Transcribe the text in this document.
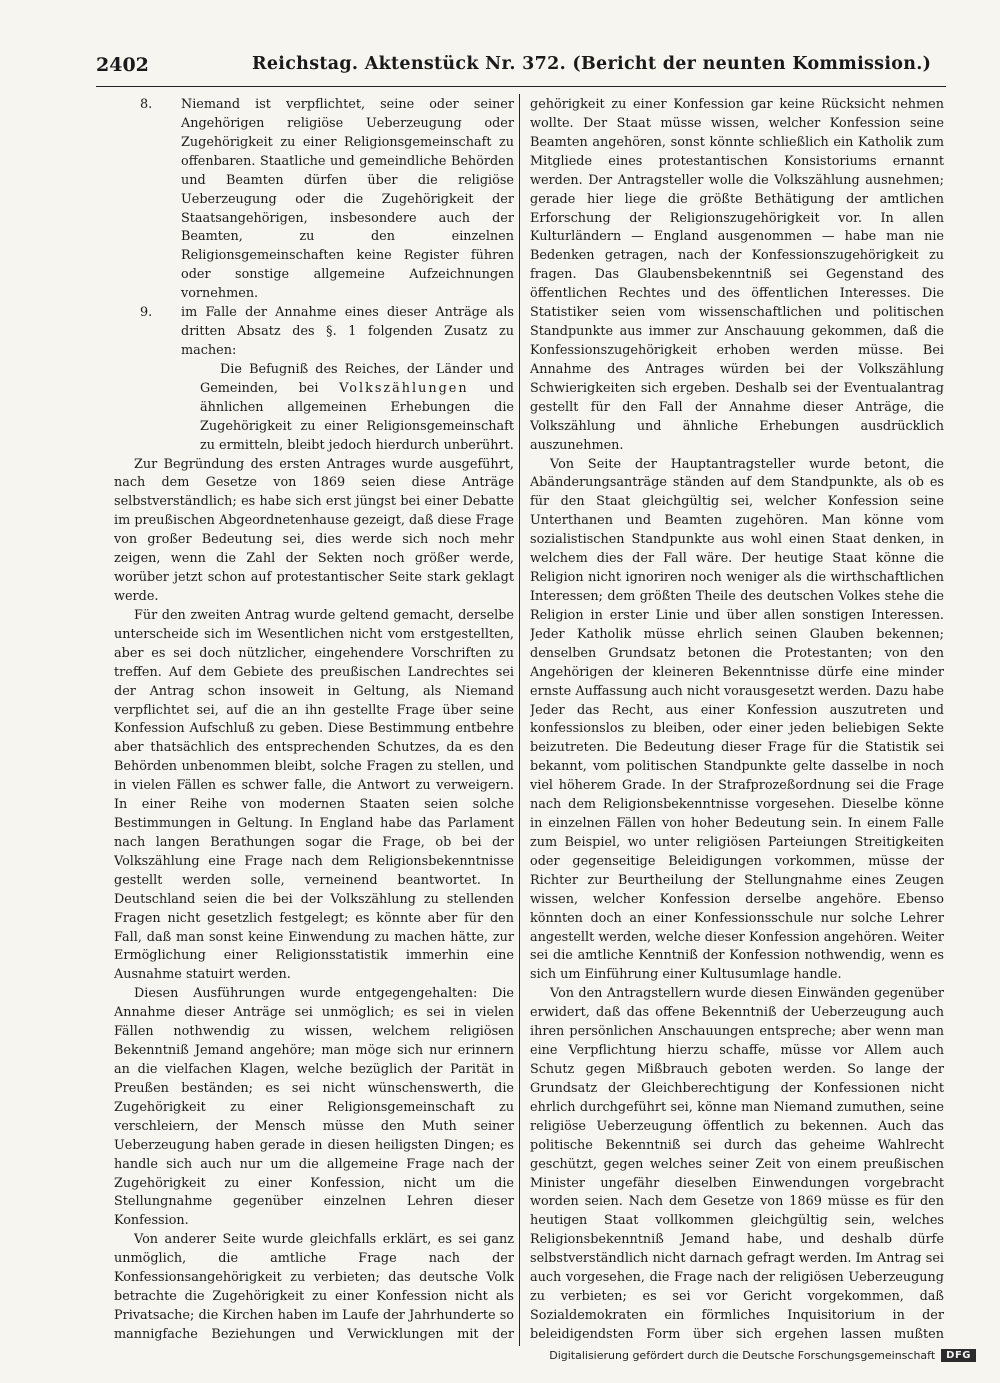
2402	Reichstag. Aktenstück Nr. 372. (Bericht der neunten Kommission.)
8. Niemand ist verpflichtet, seine oder seiner Angehörigen religiöse Ueberzeugung oder Zugehörigkeit zu einer Religionsgemeinschaft zu offenbaren. Staatliche und gemeindliche Behörden und Beamten dürfen über die religiöse Ueberzeugung oder die Zugehörigkeit der Staatsangehörigen, insbesondere auch der Beamten, zu den einzelnen Religionsgemeinschaften keine Register führen oder sonstige allgemeine Aufzeichnungen vornehmen.

9. im Falle der Annahme eines dieser Anträge als dritten Absatz des §. 1 folgenden Zusatz zu machen:

Die Befugniß des Reiches, der Länder und Gemeinden, bei Volkszählungen und ähnlichen allgemeinen Erhebungen die Zugehörigkeit zu einer Religionsgemeinschaft zu ermitteln, bleibt jedoch hierdurch unberührt.

Zur Begründung des ersten Antrages wurde ausgeführt, nach dem Gesetze von 1869 seien diese Anträge selbstverständlich; es habe sich erst jüngst bei einer Debatte im preußischen Abgeordnetenhause gezeigt, daß diese Frage von großer Bedeutung sei, dies werde sich noch mehr zeigen, wenn die Zahl der Sekten noch größer werde, worüber jetzt schon auf protestantischer Seite stark geklagt werde.

Für den zweiten Antrag wurde geltend gemacht, derselbe unterscheide sich im Wesentlichen nicht vom erstgestellten, aber es sei doch nützlicher, eingehendere Vorschriften zu treffen. Auf dem Gebiete des preußischen Landrechtes sei der Antrag schon insoweit in Geltung, als Niemand verpflichtet sei, auf die an ihn gestellte Frage über seine Konfession Aufschluß zu geben. Diese Bestimmung entbehre aber thatsächlich des entsprechenden Schutzes, da es den Behörden unbenommen bleibt, solche Fragen zu stellen, und in vielen Fällen es schwer falle, die Antwort zu verweigern. In einer Reihe von modernen Staaten seien solche Bestimmungen in Geltung. In England habe das Parlament nach langen Berathungen sogar die Frage, ob bei der Volkszählung eine Frage nach dem Religionsbekenntnisse gestellt werden solle, verneinend beantwortet. In Deutschland seien die bei der Volkszählung zu stellenden Fragen nicht gesetzlich festgelegt; es könnte aber für den Fall, daß man sonst keine Einwendung zu machen hätte, zur Ermöglichung einer Religionsstatistik immerhin eine Ausnahme statuirt werden.

Diesen Ausführungen wurde entgegengehalten: Die Annahme dieser Anträge sei unmöglich; es sei in vielen Fällen nothwendig zu wissen, welchem religiösen Bekenntniß Jemand angehöre; man möge sich nur erinnern an die vielfachen Klagen, welche bezüglich der Parität in Preußen beständen; es sei nicht wünschenswerth, die Zugehörigkeit zu einer Religionsgemeinschaft zu verschleiern, der Mensch müsse den Muth seiner Ueberzeugung haben gerade in diesen heiligsten Dingen; es handle sich auch nur um die allgemeine Frage nach der Zugehörigkeit zu einer Konfession, nicht um die Stellungnahme gegenüber einzelnen Lehren dieser Konfession.

Von anderer Seite wurde gleichfalls erklärt, es sei ganz unmöglich, die amtliche Frage nach der Konfessionsangehörigkeit zu verbieten; das deutsche Volk betrachte die Zugehörigkeit zu einer Konfession nicht als Privatsache; die Kirchen haben im Laufe der Jahrhunderte so mannigfache Beziehungen und Verwicklungen mit der

gehörigkeit zu einer Konfession gar keine Rücksicht nehmen wollte. Der Staat müsse wissen, welcher Konfession seine Beamten angehören, sonst könnte schließlich ein Katholik zum Mitgliede eines protestantischen Konsistoriums ernannt werden. Der Antragsteller wolle die Volkszählung ausnehmen; gerade hier liege die größte Bethätigung der amtlichen Erforschung der Religionszugehörigkeit vor. In allen Kulturländern — England ausgenommen — habe man nie Bedenken getragen, nach der Konfessionszugehörigkeit zu fragen. Das Glaubensbekenntniß sei Gegenstand des öffentlichen Rechtes und des öffentlichen Interesses. Die Statistiker seien vom wissenschaftlichen und politischen Standpunkte aus immer zur Anschauung gekommen, daß die Konfessionszugehörigkeit erhoben werden müsse. Bei Annahme des Antrages würden bei der Volkszählung Schwierigkeiten sich ergeben. Deshalb sei der Eventualantrag gestellt für den Fall der Annahme dieser Anträge, die Volkszählung und ähnliche Erhebungen ausdrücklich auszunehmen.

Von Seite der Hauptantragsteller wurde betont, die Abänderungsanträge ständen auf dem Standpunkte, als ob es für den Staat gleichgültig sei, welcher Konfession seine Unterthanen und Beamten zugehören. Man könne vom sozialistischen Standpunkte aus wohl einen Staat denken, in welchem dies der Fall wäre. Der heutige Staat könne die Religion nicht ignoriren noch weniger als die wirthschaftlichen Interessen; dem größten Theile des deutschen Volkes stehe die Religion in erster Linie und über allen sonstigen Interessen. Jeder Katholik müsse ehrlich seinen Glauben bekennen; denselben Grundsatz betonen die Protestanten; von den Angehörigen der kleineren Bekenntnisse dürfe eine minder ernste Auffassung auch nicht vorausgesetzt werden. Dazu habe Jeder das Recht, aus einer Konfession auszutreten und konfessionslos zu bleiben, oder einer jeden beliebigen Sekte beizutreten. Die Bedeutung dieser Frage für die Statistik sei bekannt, vom politischen Standpunkte gelte dasselbe in noch viel höherem Grade. In der Strafprozeßordnung sei die Frage nach dem Religionsbekenntnisse vorgesehen. Dieselbe könne in einzelnen Fällen von hoher Bedeutung sein. In einem Falle zum Beispiel, wo unter religiösen Parteiungen Streitigkeiten oder gegenseitige Beleidigungen vorkommen, müsse der Richter zur Beurtheilung der Stellungnahme eines Zeugen wissen, welcher Konfession derselbe angehöre. Ebenso könnten doch an einer Konfessionsschule nur solche Lehrer angestellt werden, welche dieser Konfession angehören. Weiter sei die amtliche Kenntniß der Konfession nothwendig, wenn es sich um Einführung einer Kultusumlage handle.

Von den Antragstellern wurde diesen Einwänden gegenüber erwidert, daß das offene Bekenntniß der Ueberzeugung auch ihren persönlichen Anschauungen entspreche; aber wenn man eine Verpflichtung hierzu schaffe, müsse vor Allem auch Schutz gegen Mißbrauch geboten werden. So lange der Grundsatz der Gleichberechtigung der Konfessionen nicht ehrlich durchgeführt sei, könne man Niemand zumuthen, seine religiöse Ueberzeugung öffentlich zu bekennen. Auch das politische Bekenntniß sei durch das geheime Wahlrecht geschützt, gegen welches seiner Zeit von einem preußischen Minister ungefähr dieselben Einwendungen vorgebracht worden seien. Nach dem Gesetze von 1869 müsse es für den heutigen Staat vollkommen gleichgültig sein, welches Religionsbekenntniß Jemand habe, und deshalb dürfe selbstverständlich nicht darnach gefragt werden. Im Antrag sei auch vorgesehen, die Frage nach der religiösen Ueberzeugung zu verbieten; es sei vor Gericht vorgekommen, daß Sozialdemokraten ein förmliches Inquisitorium in der beleidigendsten Form über sich ergehen lassen mußten

Digitalisierung gefördert durch die Deutsche Forschungsgemeinschaft	DFG
